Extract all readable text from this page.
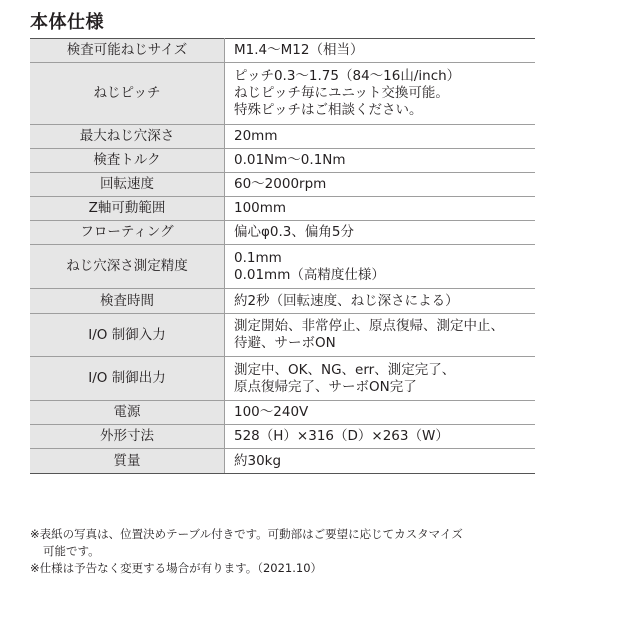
本体仕様
検査可能ねじサイズ	M1.4〜M12（相当）

ねじピッチ	ピッチ0.3〜1.75（84〜16山/inch）
ねじピッチ毎にユニット交換可能。
特殊ピッチはご相談ください。

最大ねじ穴深さ	20mm

検査トルク	0.01Nm〜0.1Nm

回転速度	60〜2000rpm

Z軸可動範囲	100mm

フローティング	偏心φ0.3、偏角5分

ねじ穴深さ測定精度	0.1mm
0.01mm（高精度仕様）

検査時間	約2秒（回転速度、ねじ深さによる）

I/O 制御入力	測定開始、非常停止、原点復帰、測定中止、
待避、サーボON

I/O 制御出力	測定中、OK、NG、err、測定完了、
原点復帰完了、サーボON完了

電源	100〜240V

外形寸法	528（H）×316（D）×263（W）

質量	約30kg
※表紙の写真は、位置決めテーブル付きです。可動部はご要望に応じてカスタマイズ
可能です。
※仕様は予告なく変更する場合が有ります。（2021.10）
